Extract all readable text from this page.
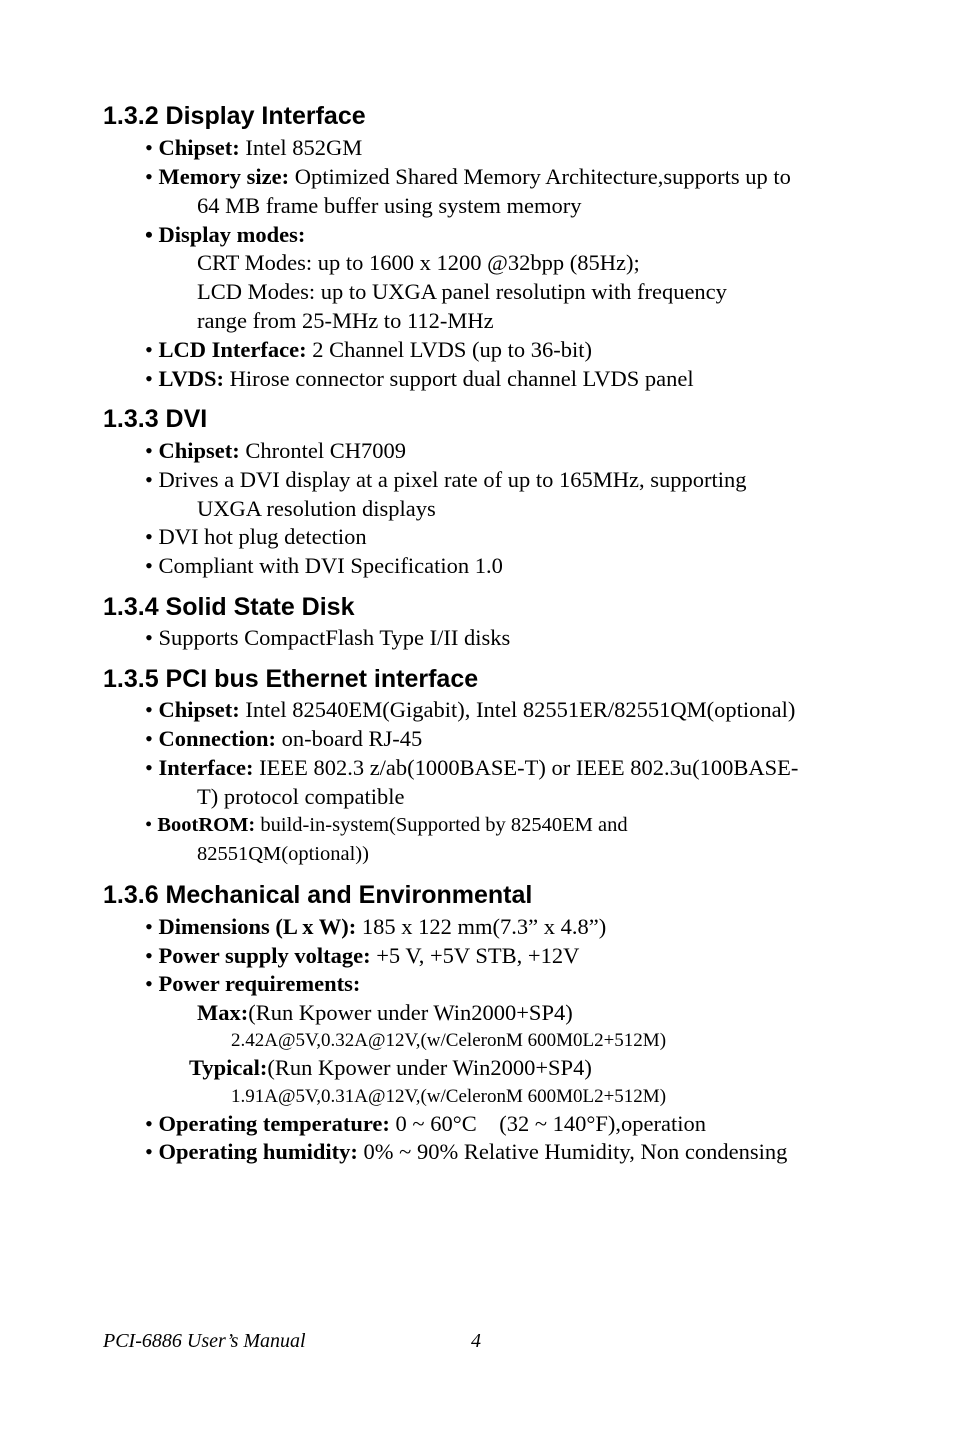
1.3.2 Display Interface
• Chipset: Intel 852GM
• Memory size: Optimized Shared Memory Architecture,supports up to
64 MB frame buffer using system memory
• Display modes:
CRT Modes: up to 1600 x 1200 @32bpp (85Hz);
LCD Modes: up to UXGA panel resolutipn with frequency
range from 25-MHz to 112-MHz
• LCD Interface: 2 Channel LVDS (up to 36-bit)
• LVDS: Hirose connector support dual channel LVDS panel
1.3.3 DVI
• Chipset: Chrontel CH7009
• Drives a DVI display at a pixel rate of up to 165MHz, supporting
UXGA resolution displays
• DVI hot plug detection
• Compliant with DVI Specification 1.0
1.3.4 Solid State Disk
• Supports CompactFlash Type I/II disks
1.3.5 PCI bus Ethernet interface
• Chipset: Intel 82540EM(Gigabit), Intel 82551ER/82551QM(optional)
• Connection: on-board RJ-45
• Interface: IEEE 802.3 z/ab(1000BASE-T) or IEEE 802.3u(100BASE-
T) protocol compatible
• BootROM: build-in-system(Supported by 82540EM and
82551QM(optional))
1.3.6 Mechanical and Environmental
• Dimensions (L x W): 185 x 122 mm(7.3” x 4.8”)
• Power supply voltage: +5 V, +5V STB, +12V
• Power requirements:
Max:(Run Kpower under Win2000+SP4)
2.42A@5V,0.32A@12V,(w/CeleronM 600M0L2+512M)
Typical:(Run Kpower under Win2000+SP4)
1.91A@5V,0.31A@12V,(w/CeleronM 600M0L2+512M)
• Operating temperature: 0 ~ 60°C    (32 ~ 140°F),operation
• Operating humidity: 0% ~ 90% Relative Humidity, Non condensing
PCI-6886 User’s Manual	4
